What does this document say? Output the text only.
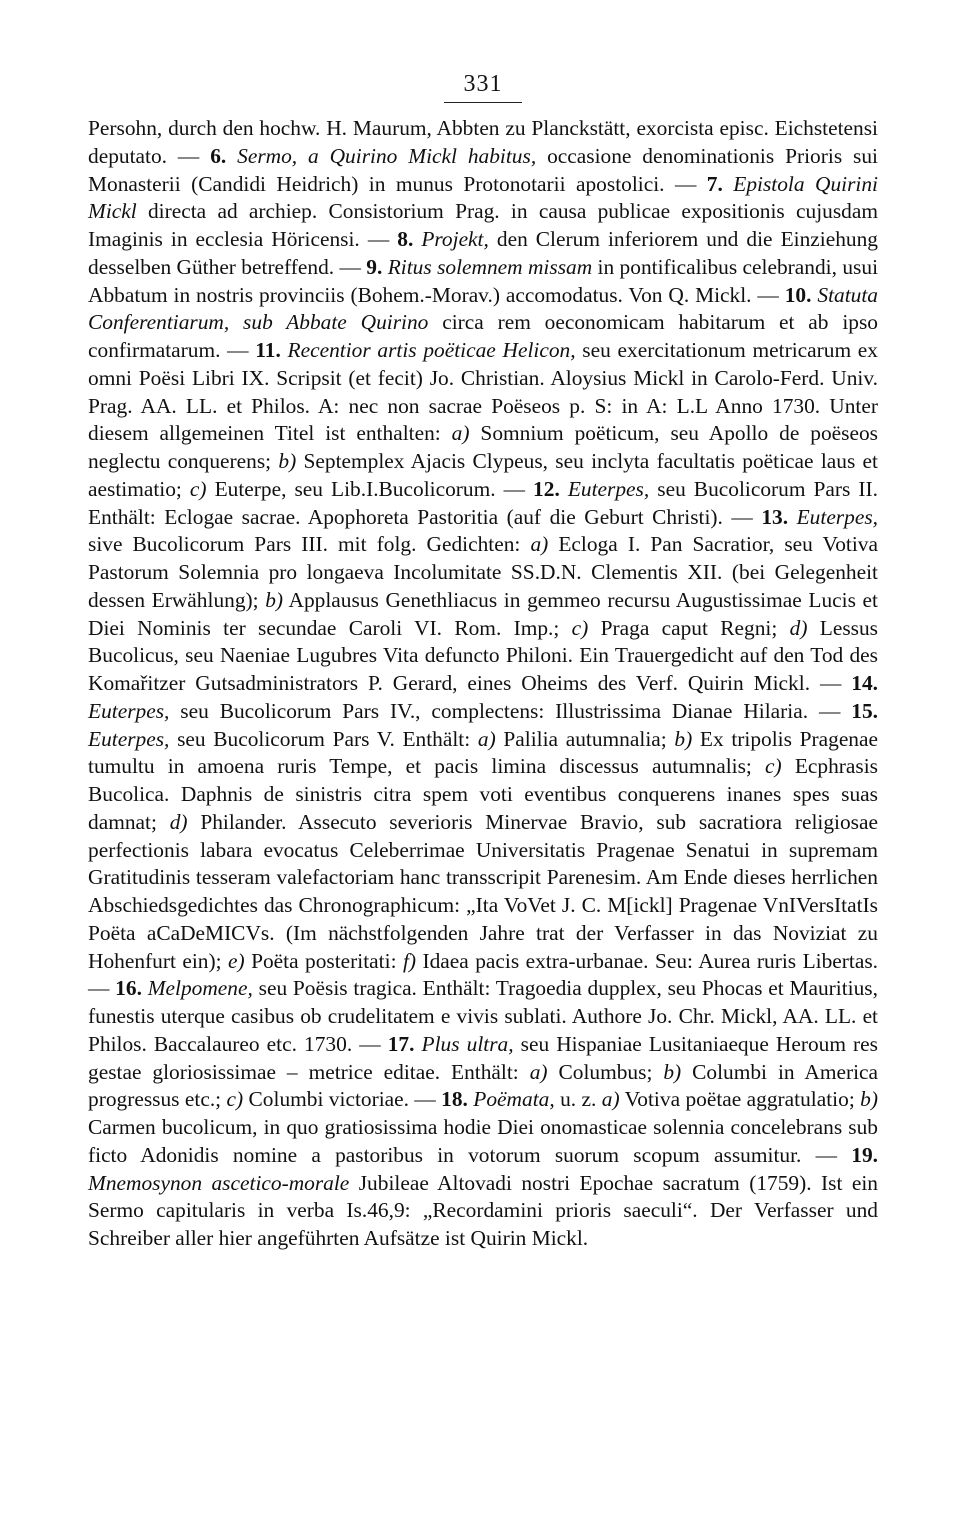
331

Persohn, durch den hochw. H. Maurum, Abbten zu Planckstätt, exorcista episc. Eichstetensi deputato. — 6. Sermo, a Quirino Mickl habitus, occasione denominationis Prioris sui Monasterii (Candidi Heidrich) in munus Protonotarii apostolici. — 7. Epistola Quirini Mickl directa ad archiep. Consistorium Prag. in causa publicae expositionis cujusdam Imaginis in ecclesia Höricensi. — 8. Projekt, den Clerum inferiorem und die Einziehung desselben Güther betreffend. — 9. Ritus solemnem missam in pontificalibus celebrandi, usui Abbatum in nostris provinciis (Bohem.-Morav.) accomodatus. Von Q. Mickl. — 10. Statuta Conferentiarum, sub Abbate Quirino circa rem oeconomicam habitarum et ab ipso confirmatarum. — 11. Recentior artis poëticae Helicon, seu exercitationum metricarum ex omni Poësi Libri IX. Scripsit (et fecit) Jo. Christian. Aloysius Mickl in Carolo-Ferd. Univ. Prag. AA. LL. et Philos. A: nec non sacrae Poëseos p. S: in A: L.L Anno 1730. Unter diesem allgemeinen Titel ist enthalten: a) Somnium poëticum, seu Apollo de poëseos neglectu conquerens; b) Septemplex Ajacis Clypeus, seu inclyta facultatis poëticae laus et aestimatio; c) Euterpe, seu Lib.I.Bucolicorum. — 12. Euterpes, seu Bucolicorum Pars II. Enthält: Eclogae sacrae. Apophoreta Pastoritia (auf die Geburt Christi). — 13. Euterpes, sive Bucolicorum Pars III. mit folg. Gedichten: a) Ecloga I. Pan Sacratior, seu Votiva Pastorum Solemnia pro longaeva Incolumitate SS.D.N. Clementis XII. (bei Gelegenheit dessen Erwählung); b) Applausus Genethliacus in gemmeo recursu Augustissimae Lucis et Diei Nominis ter secundae Caroli VI. Rom. Imp.; c) Praga caput Regni; d) Lessus Bucolicus, seu Naeniae Lugubres Vita defuncto Philoni. Ein Trauergedicht auf den Tod des Komařitzer Gutsadministrators P. Gerard, eines Oheims des Verf. Quirin Mickl. — 14. Euterpes, seu Bucolicorum Pars IV., complectens: Illustrissima Dianae Hilaria. — 15. Euterpes, seu Bucolicorum Pars V. Enthält: a) Palilia autumnalia; b) Ex tripolis Pragenae tumultu in amoena ruris Tempe, et pacis limina discessus autumnalis; c) Ecphrasis Bucolica. Daphnis de sinistris citra spem voti eventibus conquerens inanes spes suas damnat; d) Philander. Assecuto severioris Minervae Bravio, sub sacratiora religiosae perfectionis labara evocatus Celeberrimae Universitatis Pragenae Senatui in supremam Gratitudinis tesseram valefactoriam hanc transscripit Parenesim. Am Ende dieses herrlichen Abschiedsgedichtes das Chronographicum: „Ita VoVet J. C. M[ickl] Pragenae VnIVersItatIs Poëta aCaDeMICVs. (Im nächstfolgenden Jahre trat der Verfasser in das Noviziat zu Hohenfurt ein); e) Poëta posteritati: f) Idaea pacis extra-urbanae. Seu: Aurea ruris Libertas. — 16. Melpomene, seu Poësis tragica. Enthält: Tragoedia dupplex, seu Phocas et Mauritius, funestis uterque casibus ob crudelitatem e vivis sublati. Authore Jo. Chr. Mickl, AA. LL. et Philos. Baccalaureo etc. 1730. — 17. Plus ultra, seu Hispaniae Lusitaniaeque Heroum res gestae gloriosissimae – metrice editae. Enthält: a) Columbus; b) Columbi in America progressus etc.; c) Columbi victoriae. — 18. Poëmata, u. z. a) Votiva poëtae aggratulatio; b) Carmen bucolicum, in quo gratiosissima hodie Diei onomasticae solennia concelebrans sub ficto Adonidis nomine a pastoribus in votorum suorum scopum assumitur. — 19. Mnemosynon ascetico-morale Jubileae Altovadi nostri Epochae sacratum (1759). Ist ein Sermo capitularis in verba Is.46,9: „Recordamini prioris saeculi“. Der Verfasser und Schreiber aller hier angeführten Aufsätze ist Quirin Mickl.
